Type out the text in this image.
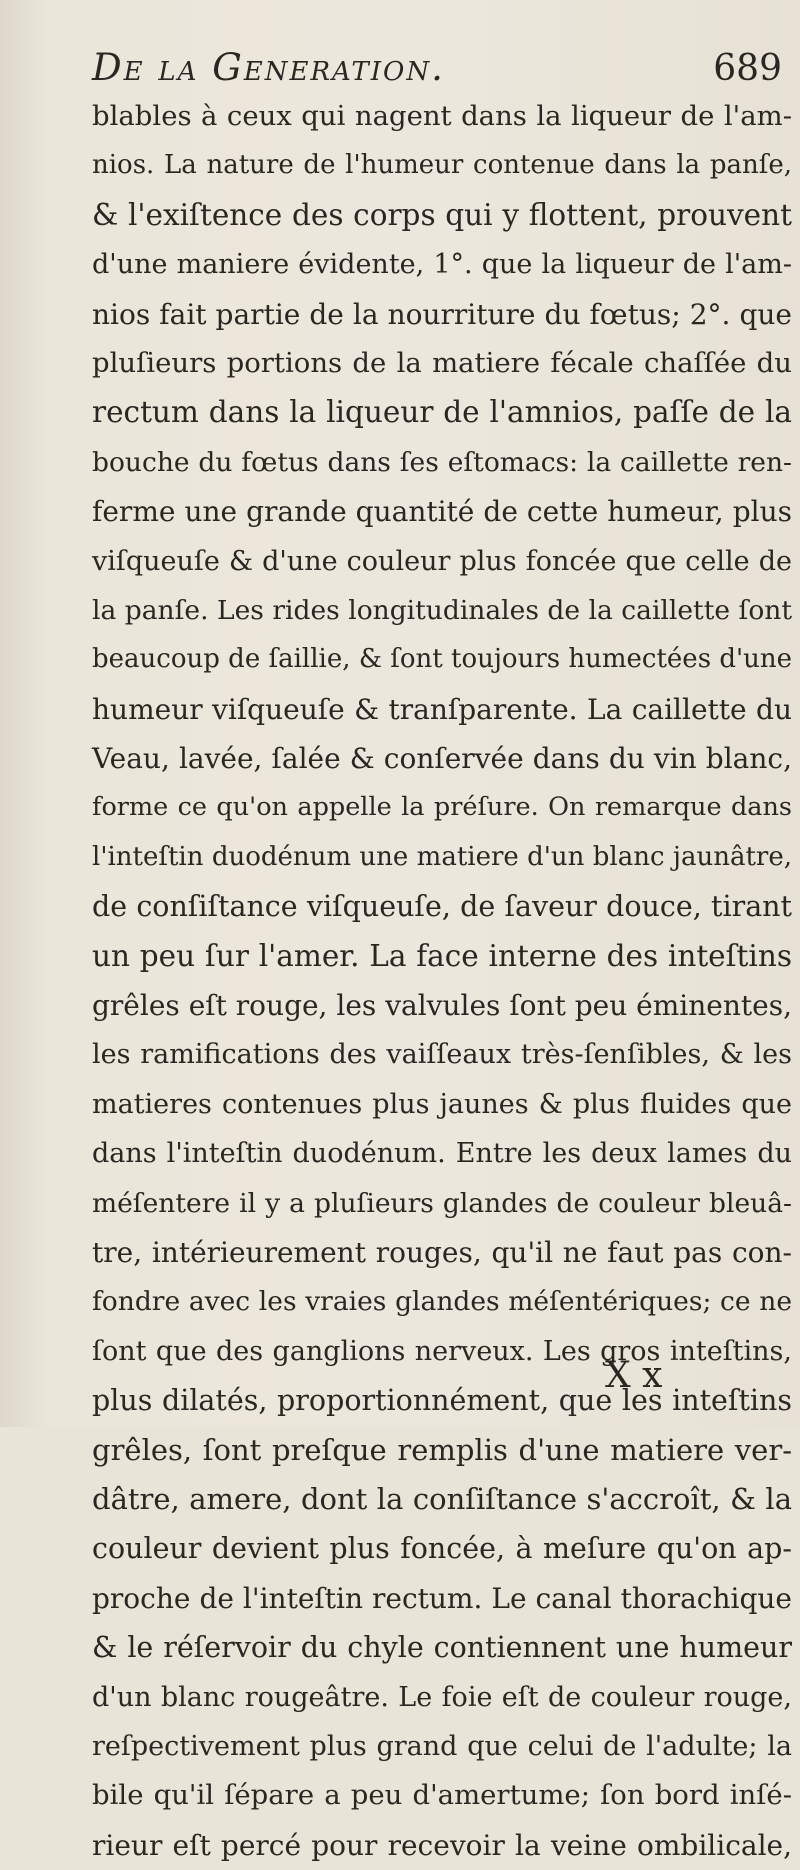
De la Generation.	689
blables à ceux qui nagent dans la liqueur de l'am-
nios. La nature de l'humeur contenue dans la panſe,
& l'exiſtence des corps qui y flottent, prouvent
d'une maniere évidente, 1°. que la liqueur de l'am-
nios fait partie de la nourriture du fœtus; 2°. que
pluſieurs portions de la matiere fécale chaſſée du
rectum dans la liqueur de l'amnios, paſſe de la
bouche du fœtus dans ſes eſtomacs: la caillette ren-
ferme une grande quantité de cette humeur, plus
viſqueuſe & d'une couleur plus foncée que celle de
la panſe. Les rides longitudinales de la caillette ſont
beaucoup de ſaillie, & ſont toujours humectées d'une
humeur viſqueuſe & tranſparente. La caillette du
Veau, lavée, ſalée & conſervée dans du vin blanc,
forme ce qu'on appelle la préſure. On remarque dans
l'inteſtin duodénum une matiere d'un blanc jaunâtre,
de conſiſtance viſqueuſe, de ſaveur douce, tirant
un peu ſur l'amer. La face interne des inteſtins
grêles eſt rouge, les valvules ſont peu éminentes,
les ramifications des vaiſſeaux très-ſenſibles, & les
matieres contenues plus jaunes & plus fluides que
dans l'inteſtin duodénum. Entre les deux lames du
méſentere il y a pluſieurs glandes de couleur bleuâ-
tre, intérieurement rouges, qu'il ne faut pas con-
fondre avec les vraies glandes méſentériques; ce ne
ſont que des ganglions nerveux. Les gros inteſtins,
plus dilatés, proportionnément, que les inteſtins
grêles, ſont preſque remplis d'une matiere ver-
dâtre, amere, dont la conſiſtance s'accroît, & la
couleur devient plus foncée, à meſure qu'on ap-
proche de l'inteſtin rectum. Le canal thorachique
& le réſervoir du chyle contiennent une humeur
d'un blanc rougeâtre. Le foie eſt de couleur rouge,
reſpectivement plus grand que celui de l'adulte; la
bile qu'il ſépare a peu d'amertume; ſon bord inſé-
rieur eſt percé pour recevoir la veine ombilicale,
X x
